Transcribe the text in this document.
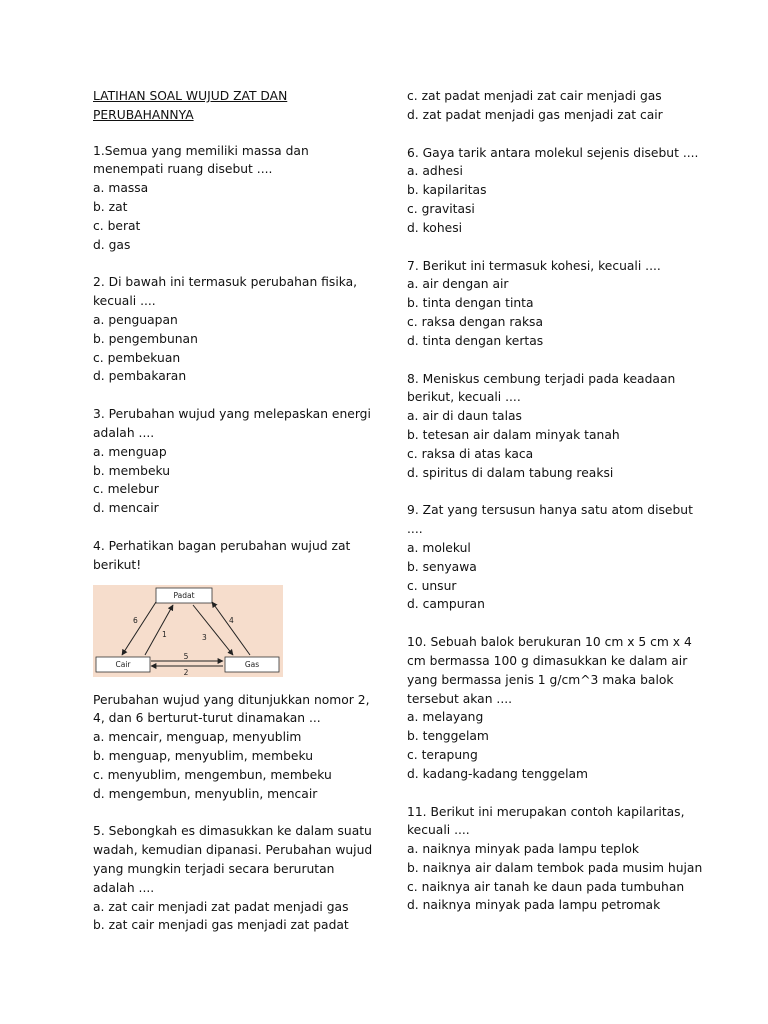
LATIHAN SOAL WUJUD ZAT DAN PERUBAHANNYA
1.Semua yang memiliki massa dan menempati ruang disebut ....
a. massa
b. zat
c. berat
d. gas
2. Di bawah ini termasuk perubahan fisika, kecuali ....
a. penguapan
b. pengembunan
c. pembekuan
d. pembakaran
3. Perubahan wujud yang melepaskan energi adalah ....
a. menguap
b. membeku
c. melebur
d. mencair
4. Perhatikan bagan perubahan wujud zat berikut!
Padat
Cair	Gas
6
1	3
4
5
2
Perubahan wujud yang ditunjukkan nomor 2, 4, dan 6 berturut-turut dinamakan ...
a. mencair, menguap, menyublim
b. menguap, menyublim, membeku
c. menyublim, mengembun, membeku
d. mengembun, menyublin, mencair
5. Sebongkah es dimasukkan ke dalam suatu wadah, kemudian dipanasi. Perubahan wujud yang mungkin terjadi secara berurutan adalah ....
a. zat cair menjadi zat padat menjadi gas
b. zat cair menjadi gas menjadi zat padat
c. zat padat menjadi zat cair menjadi gas
d. zat padat menjadi gas menjadi zat cair
6. Gaya tarik antara molekul sejenis disebut ....
a. adhesi
b. kapilaritas
c. gravitasi
d. kohesi
7. Berikut ini termasuk kohesi, kecuali ....
a. air dengan air
b. tinta dengan tinta
c. raksa dengan raksa
d. tinta dengan kertas
8. Meniskus cembung terjadi pada keadaan berikut, kecuali ....
a. air di daun talas
b. tetesan air dalam minyak tanah
c. raksa di atas kaca
d. spiritus di dalam tabung reaksi
9. Zat yang tersusun hanya satu atom disebut ....
a. molekul
b. senyawa
c. unsur
d. campuran
10. Sebuah balok berukuran 10 cm x 5 cm x 4 cm bermassa 100 g dimasukkan ke dalam air yang bermassa jenis 1 g/cm^3 maka balok tersebut akan ....
a. melayang
b. tenggelam
c. terapung
d. kadang-kadang tenggelam
11. Berikut ini merupakan contoh kapilaritas, kecuali ....
a. naiknya minyak pada lampu teplok
b. naiknya air dalam tembok pada musim hujan
c. naiknya air tanah ke daun pada tumbuhan
d. naiknya minyak pada lampu petromak
